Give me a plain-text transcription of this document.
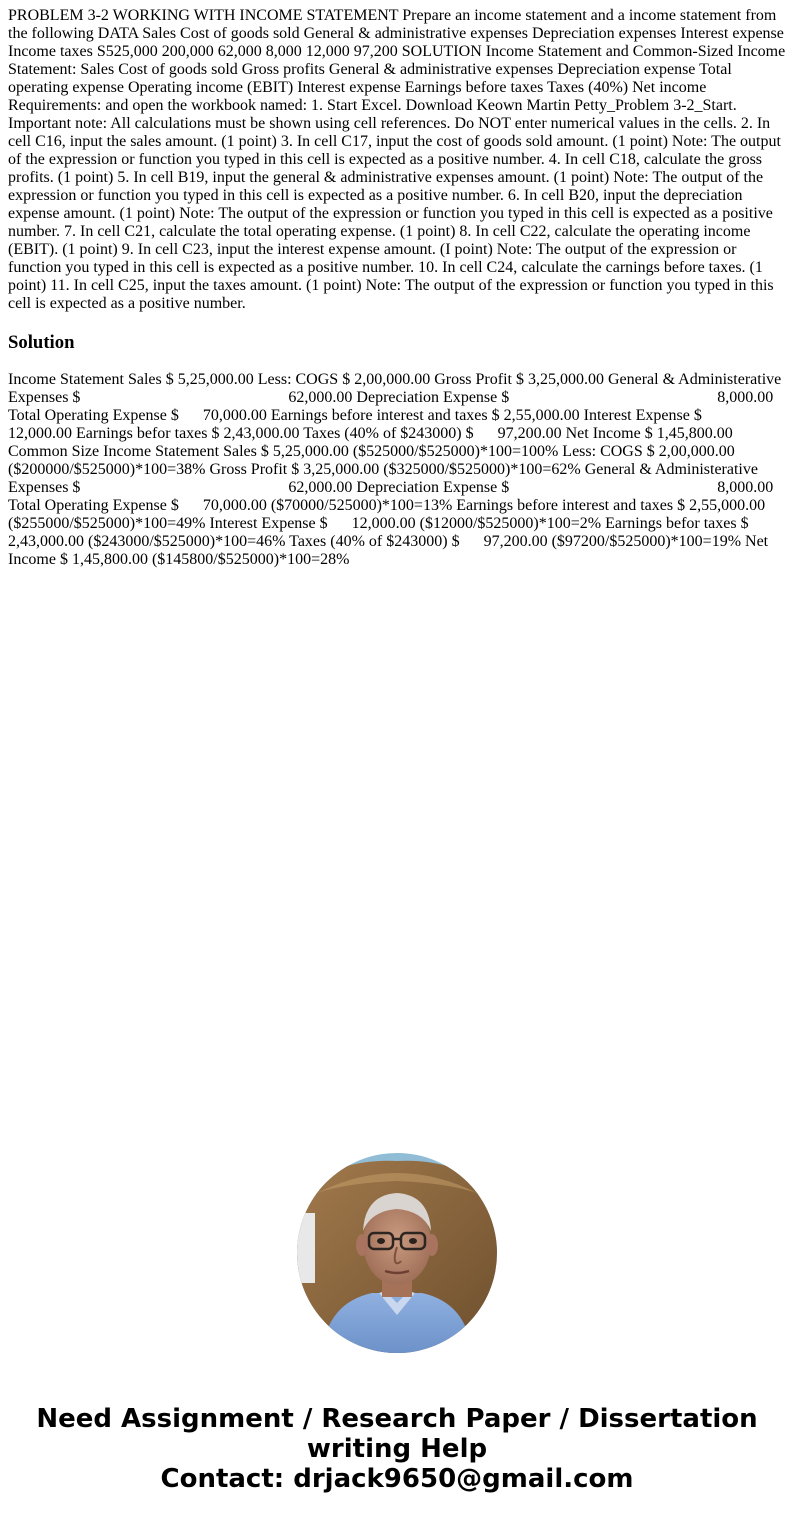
PROBLEM 3-2 WORKING WITH INCOME STATEMENT Prepare an income statement and a income statement from the following DATA Sales Cost of goods sold General & administrative expenses Depreciation expenses Interest expense Income taxes S525,000 200,000 62,000 8,000 12,000 97,200 SOLUTION Income Statement and Common-Sized Income Statement: Sales Cost of goods sold Gross profits General & administrative expenses Depreciation expense Total operating expense Operating income (EBIT) Interest expense Earnings before taxes Taxes (40%) Net income Requirements: and open the workbook named: 1. Start Excel. Download Keown Martin Petty_Problem 3-2_Start. Important note: All calculations must be shown using cell references. Do NOT enter numerical values in the cells. 2. In cell C16, input the sales amount. (1 point) 3. In cell C17, input the cost of goods sold amount. (1 point) Note: The output of the expression or function you typed in this cell is expected as a positive number. 4. In cell C18, calculate the gross profits. (1 point) 5. In cell B19, input the general & administrative expenses amount. (1 point) Note: The output of the expression or function you typed in this cell is expected as a positive number. 6. In cell B20, input the depreciation expense amount. (1 point) Note: The output of the expression or function you typed in this cell is expected as a positive number. 7. In cell C21, calculate the total operating expense. (1 point) 8. In cell C22, calculate the operating income (EBIT). (1 point) 9. In cell C23, input the interest expense amount. (I point) Note: The output of the expression or function you typed in this cell is expected as a positive number. 10. In cell C24, calculate the carnings before taxes. (1 point) 11. In cell C25, input the taxes amount. (1 point) Note: The output of the expression or function you typed in this cell is expected as a positive number.

Solution

Income Statement Sales $ 5,25,000.00 Less: COGS $ 2,00,000.00 Gross Profit $ 3,25,000.00 General & Administerative Expenses $                                                    62,000.00 Depreciation Expense $                                                    8,000.00 Total Operating Expense $      70,000.00 Earnings before interest and taxes $ 2,55,000.00 Interest Expense $      12,000.00 Earnings befor taxes $ 2,43,000.00 Taxes (40% of $243000) $      97,200.00 Net Income $ 1,45,800.00 Common Size Income Statement Sales $ 5,25,000.00 ($525000/$525000)*100=100% Less: COGS $ 2,00,000.00 ($200000/$525000)*100=38% Gross Profit $ 3,25,000.00 ($325000/$525000)*100=62% General & Administerative Expenses $                                                    62,000.00 Depreciation Expense $                                                    8,000.00 Total Operating Expense $      70,000.00 ($70000/525000)*100=13% Earnings before interest and taxes $ 2,55,000.00 ($255000/$525000)*100=49% Interest Expense $      12,000.00 ($12000/$525000)*100=2% Earnings befor taxes $ 2,43,000.00 ($243000/$525000)*100=46% Taxes (40% of $243000) $      97,200.00 ($97200/$525000)*100=19% Net Income $ 1,45,800.00 ($145800/$525000)*100=28%

Need Assignment / Research Paper / Dissertation
writing Help
Contact: drjack9650@gmail.com
